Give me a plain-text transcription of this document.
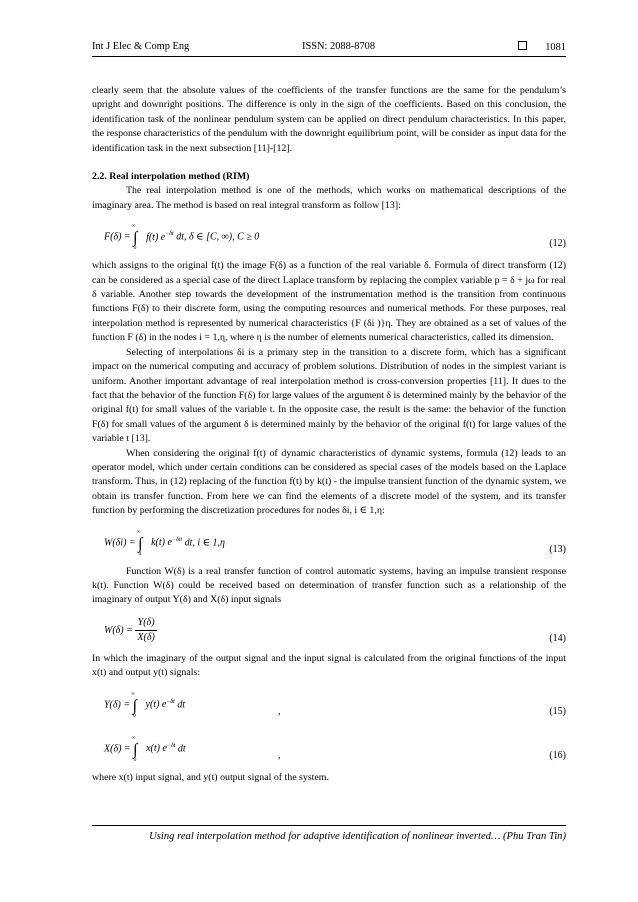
Int J Elec & Comp Eng	ISSN: 2088-8708	1081

clearly seem that the absolute values of the coefficients of the transfer functions are the same for the pendulum’s upright and downright positions. The difference is only in the sign of the coefficients. Based on this conclusion, the identification task of the nonlinear pendulum system can be applied on direct pendulum characteristics. In this paper, the response characteristics of the pendulum with the downright equilibrium point, will be consider as input data for the identification task in the next subsection [11]-[12].

2.2. Real interpolation method (RIM)

The real interpolation method is one of the methods, which works on mathematical descriptions of the imaginary area. The method is based on real integral transform as follow [13]:

F(δ) = ∫
∞
0
f(t) $e^{-\delta t}$ dt, δ ∈ [C, ∞), C ≥ 0
(12)

which assigns to the original f(t) the image F(δ) as a function of the real variable δ. Formula of direct transform (12) can be considered as a special case of the direct Laplace transform by replacing the complex variable p = δ + jω for real δ variable. Another step towards the development of the instrumentation method is the transition from continuous functions F(δ) to their discrete form, using the computing resources and numerical methods. For these purposes, real interpolation method is represented by numerical characteristics {F (δi )}η. They are obtained as a set of values of the function F (δ) in the nodes i = 1,η, where η is the number of elements numerical characteristics, called its dimension.

Selecting of interpolations δi is a primary step in the transition to a discrete form, which has a significant impact on the numerical computing and accuracy of problem solutions. Distribution of nodes in the simplest variant is uniform. Another important advantage of real interpolation method is cross-conversion properties [11]. It dues to the fact that the behavior of the function F(δ) for large values of the argument δ is determined mainly by the behavior of the original f(t) for small values of the variable t. In the opposite case, the result is the same: the behavior of the function F(δ) for small values of the argument δ is determined mainly by the behavior of the original f(t) for large values of the variable t [13].

When considering the original f(t) of dynamic characteristics of dynamic systems, formula (12) leads to an operator model, which under certain conditions can be considered as special cases of the models based on the Laplace transform. Thus, in (12) replacing of the function f(t) by k(t) - the impulse transient function of the dynamic system, we obtain its transfer function. From here we can find the elements of a discrete model of the system, and its transfer function by performing the discretization procedures for nodes δi, i ∈ 1,η:

W(δi) = ∫
∞
0
k(t) $e^{-\delta it}$ dt, i ∈ 1,η
(13)

Function W(δ) is a real transfer function of control automatic systems, having an impulse transient response k(t). Function W(δ) could be received based on determination of transfer function such as a relationship of the imaginary of output Y(δ) and X(δ) input signals

$W(\delta) = \frac{Y(\delta)}{X(\delta)}$	(14)

In which the imaginary of the output signal and the input signal is calculated from the original functions of the input x(t) and output y(t) signals:

Y(δ) = ∫
∞
0
y(t) $e^{-\delta t}$ dt
,	(15)
X(δ) = ∫
∞
0
x(t) $e^{-\delta t}$ dt
,	(16)

where x(t) input signal, and y(t) output signal of the system.

Using real interpolation method for adaptive identification of nonlinear inverted… (Phu Tran Tin)
